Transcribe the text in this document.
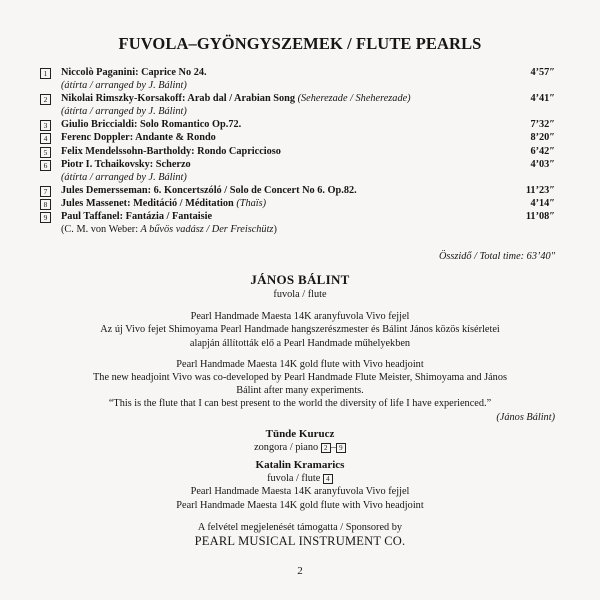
FUVOLA–GYÖNGYSZEMEK / FLUTE PEARLS
1	Niccolò Paganini: Caprice No 24.	4’57″
(átírta / arranged by J. Bálint)
2	Nikolai Rimszky-Korsakoff: Arab dal / Arabian Song (Seherezade / Sheherezade)	4’41″
(átírta / arranged by J. Bálint)
3	Giulio Briccialdi: Solo Romantico Op.72.	7’32″
4	Ferenc Doppler: Andante & Rondo	8’20″
5	Felix Mendelssohn-Bartholdy: Rondo Capriccioso	6’42″
6	Piotr I. Tchaikovsky: Scherzo	4’03″
(átírta / arranged by J. Bálint)
7	Jules Demersseman: 6. Koncertszóló / Solo de Concert No 6. Op.82.	11’23″
8	Jules Massenet: Meditáció / Méditation (Thaïs)	4’14″
9	Paul Taffanel: Fantázia / Fantaisie	11’08″
(C. M. von Weber: A bűvös vadász / Der Freischütz)
Összidő / Total time: 63’40″
JÁNOS BÁLINT
fuvola / flute
Pearl Handmade Maesta 14K aranyfuvola Vivo fejjel
Az új Vivo fejet Shimoyama Pearl Handmade hangszerészmester és Bálint János közös kísérletei
alapján állították elő a Pearl Handmade műhelyekben
Pearl Handmade Maesta 14K gold flute with Vivo headjoint
The new headjoint Vivo was co-developed by Pearl Handmade Flute Meister, Shimoyama and János
Bálint after many experiments.
“This is the flute that I can best present to the world the diversity of life I have experienced.”
(János Bálint)
Tünde Kurucz
zongora / piano 2 – 9
Katalin Kramarics
fuvola / flute 4
Pearl Handmade Maesta 14K aranyfuvola Vivo fejjel
Pearl Handmade Maesta 14K gold flute with Vivo headjoint
A felvétel megjelenését támogatta / Sponsored by
PEARL MUSICAL INSTRUMENT CO.
2
